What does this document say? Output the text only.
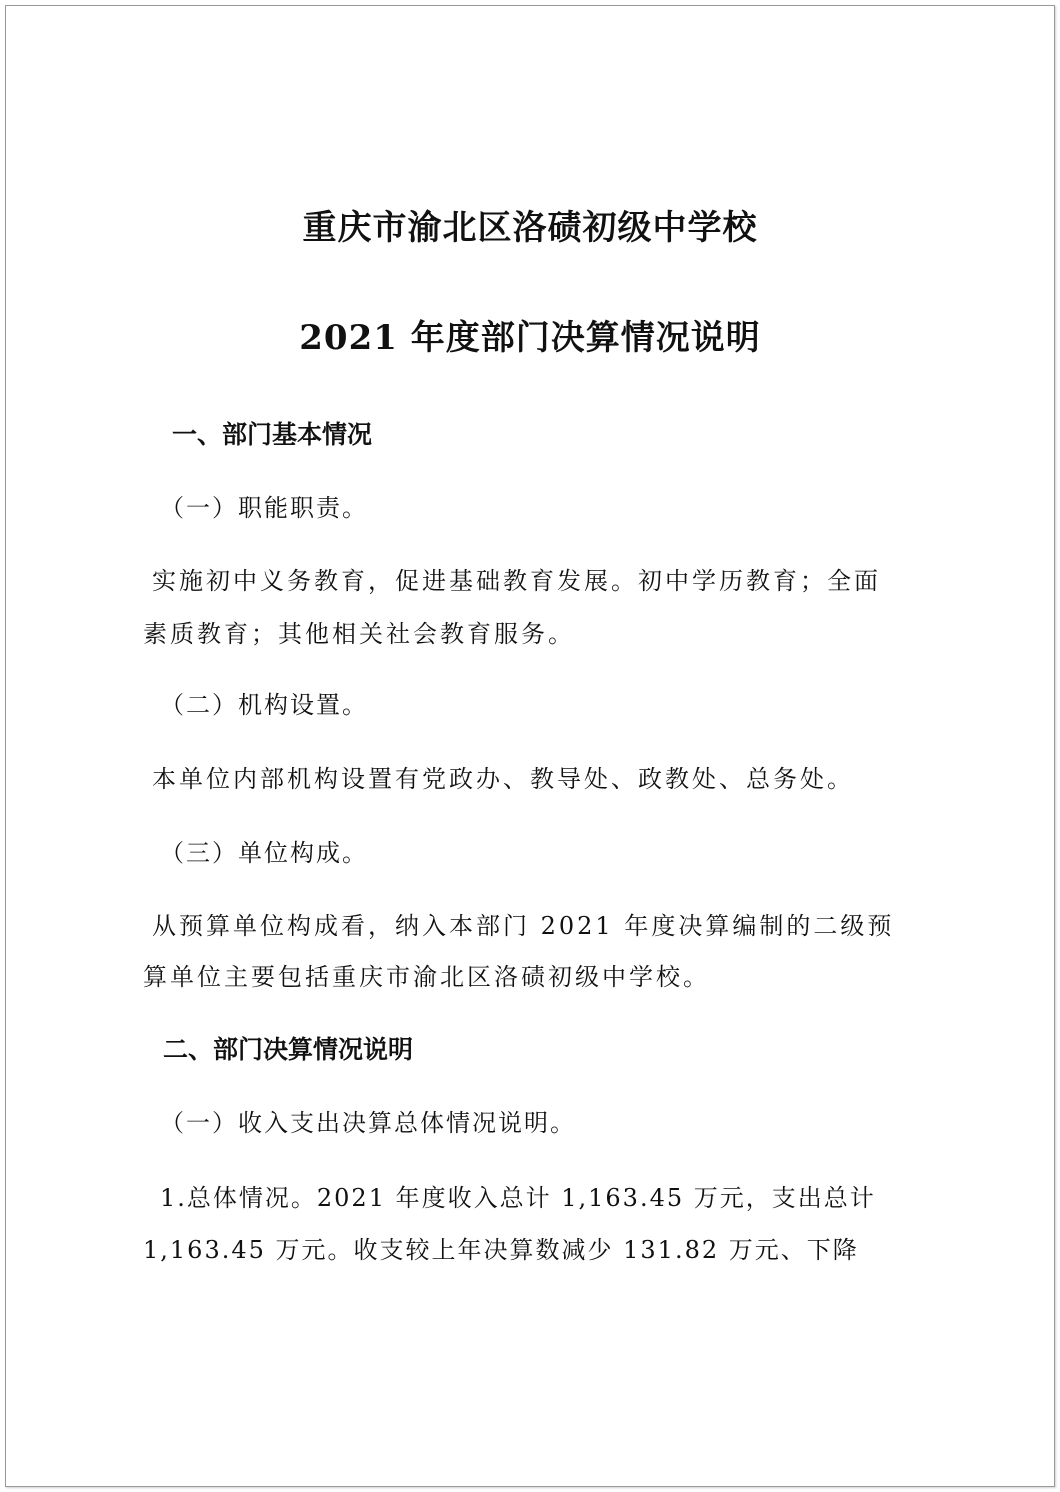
重庆市渝北区洛碛初级中学校
2021 年度部门决算情况说明
一、部门基本情况
（一）职能职责。
实施初中义务教育，促进基础教育发展。初中学历教育；全面
素质教育；其他相关社会教育服务。
（二）机构设置。
本单位内部机构设置有党政办、教导处、政教处、总务处。
（三）单位构成。
从预算单位构成看，纳入本部门 2021 年度决算编制的二级预
算单位主要包括重庆市渝北区洛碛初级中学校。
二、部门决算情况说明
（一）收入支出决算总体情况说明。
1.总体情况。2021 年度收入总计 1,163.45 万元，支出总计
1,163.45 万元。收支较上年决算数减少 131.82 万元、下降
